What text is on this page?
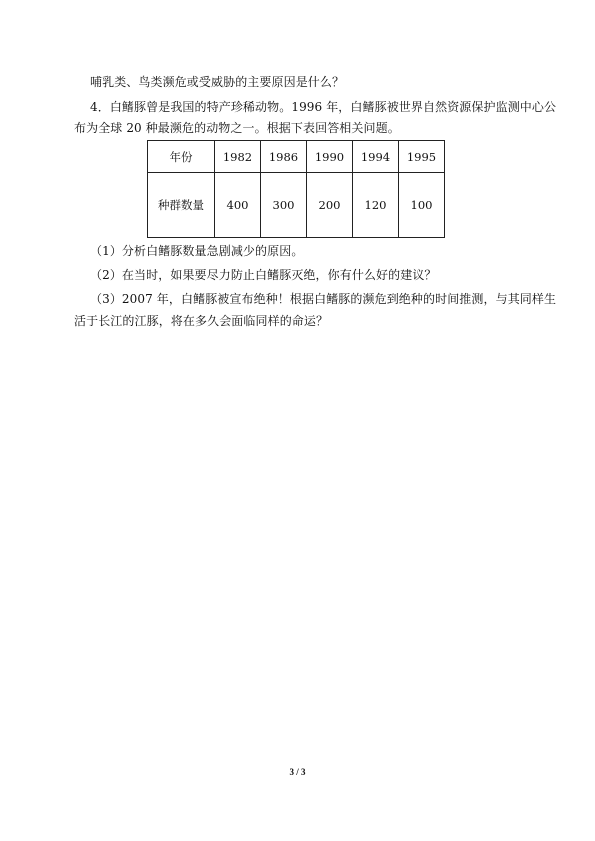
哺乳类、鸟类濒危或受威胁的主要原因是什么？
4．白鳍豚曾是我国的特产珍稀动物。1996 年，白鳍豚被世界自然资源保护监测中心公
布为全球 20 种最濒危的动物之一。根据下表回答相关问题。
年份	1982	1986	1990	1994	1995
种群数量	400	300	200	120	100
（1）分析白鳍豚数量急剧减少的原因。
（2）在当时，如果要尽力防止白鳍豚灭绝，你有什么好的建议？
（3）2007 年，白鳍豚被宣布绝种！根据白鳍豚的濒危到绝种的时间推测，与其同样生
活于长江的江豚，将在多久会面临同样的命运？
3 / 3
